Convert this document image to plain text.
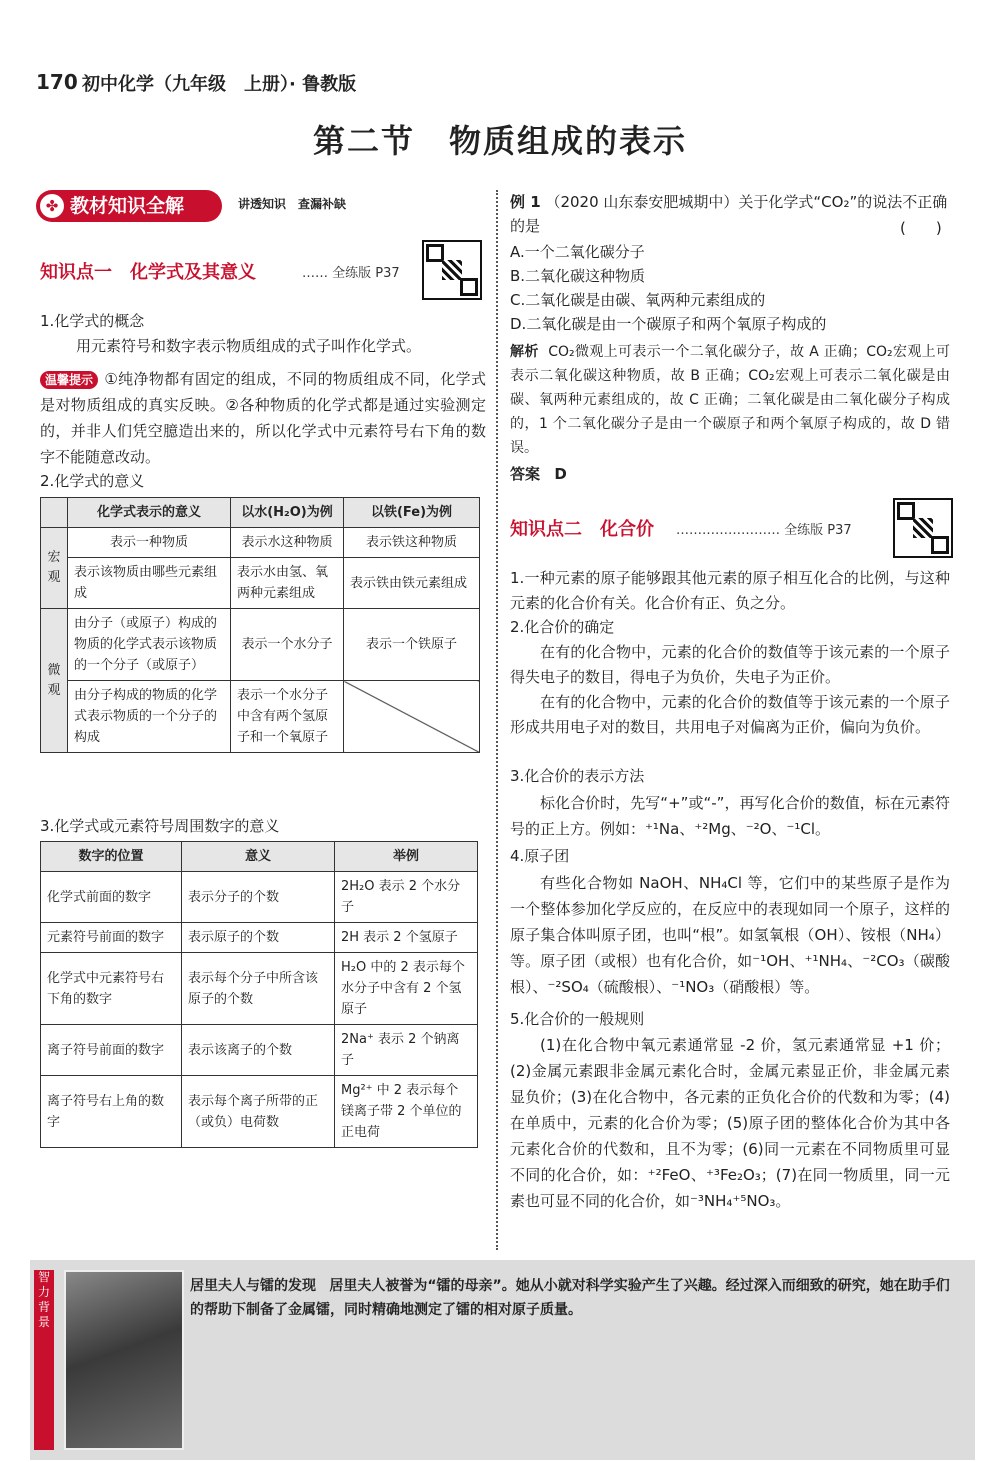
170 初中化学（九年级　上册）· 鲁教版
第二节　物质组成的表示
✤ 教材知识全解	讲透知识　查漏补缺
知识点一　化学式及其意义	…… 全练版 P37
1.化学式的概念
用元素符号和数字表示物质组成的式子叫作化学式。
温馨提示 ①纯净物都有固定的组成，不同的物质组成不同，化学式是对物质组成的真实反映。②各种物质的化学式都是通过实验测定的，并非人们凭空臆造出来的，所以化学式中元素符号右下角的数字不能随意改动。
2.化学式的意义
	化学式表示的意义	以水(H₂O)为例	以铁(Fe)为例
宏观	表示一种物质	表示水这种物质	表示铁这种物质
	表示该物质由哪些元素组成	表示水由氢、氧两种元素组成	表示铁由铁元素组成
微观	由分子（或原子）构成的物质的化学式表示该物质的一个分子（或原子）	表示一个水分子	表示一个铁原子
	由分子构成的物质的化学式表示物质的一个分子的构成	表示一个水分子中含有两个氢原子和一个氧原子	
3.化学式或元素符号周围数字的意义
数字的位置	意义	举例
化学式前面的数字	表示分子的个数	2H₂O 表示 2 个水分子
元素符号前面的数字	表示原子的个数	2H 表示 2 个氢原子
化学式中元素符号右下角的数字	表示每个分子中所含该原子的个数	H₂O 中的 2 表示每个水分子中含有 2 个氢原子
离子符号前面的数字	表示该离子的个数	2Na⁺ 表示 2 个钠离子
离子符号右上角的数字	表示每个离子所带的正（或负）电荷数	Mg²⁺ 中 2 表示每个镁离子带 2 个单位的正电荷
例 1 （2020 山东泰安肥城期中）关于化学式“CO₂”的说法不正确的是	(　　)
A.一个二氧化碳分子
B.二氧化碳这种物质
C.二氧化碳是由碳、氧两种元素组成的
D.二氧化碳是由一个碳原子和两个氧原子构成的
解析 CO₂微观上可表示一个二氧化碳分子，故 A 正确；CO₂宏观上可表示二氧化碳这种物质，故 B 正确；CO₂宏观上可表示二氧化碳是由碳、氧两种元素组成的，故 C 正确；二氧化碳是由二氧化碳分子构成的，1 个二氧化碳分子是由一个碳原子和两个氧原子构成的，故 D 错误。
答案 D
知识点二　化合价 …………………… 全练版 P37
1.一种元素的原子能够跟其他元素的原子相互化合的比例，与这种元素的化合价有关。化合价有正、负之分。
2.化合价的确定
在有的化合物中，元素的化合价的数值等于该元素的一个原子得失电子的数目，得电子为负价，失电子为正价。
在有的化合物中，元素的化合价的数值等于该元素的一个原子形成共用电子对的数目，共用电子对偏离为正价，偏向为负价。
3.化合价的表示方法
标化合价时，先写“+”或“-”，再写化合价的数值，标在元素符号的正上方。例如：⁺¹Na、⁺²Mg、⁻²O、⁻¹Cl。
4.原子团
有些化合物如 NaOH、NH₄Cl 等，它们中的某些原子是作为一个整体参加化学反应的，在反应中的表现如同一个原子，这样的原子集合体叫原子团，也叫“根”。如氢氧根（OH）、铵根（NH₄）等。原子团（或根）也有化合价，如⁻¹OH、⁺¹NH₄、⁻²CO₃（碳酸根）、⁻²SO₄（硫酸根）、⁻¹NO₃（硝酸根）等。
5.化合价的一般规则
(1)在化合物中氧元素通常显 -2 价，氢元素通常显 +1 价；(2)金属元素跟非金属元素化合时，金属元素显正价，非金属元素显负价；(3)在化合物中，各元素的正负化合价的代数和为零；(4)在单质中，元素的化合价为零；(5)原子团的整体化合价为其中各元素化合价的代数和，且不为零；(6)同一元素在不同物质里可显不同的化合价，如：⁺²FeO、⁺³Fe₂O₃；(7)在同一物质里，同一元素也可显不同的化合价，如⁻³NH₄⁺⁵NO₃。
智力背景
居里夫人与镭的发现 居里夫人被誉为“镭的母亲”。她从小就对科学实验产生了兴趣。经过深入而细致的研究，她在助手们的帮助下制备了金属镭，同时精确地测定了镭的相对原子质量。
